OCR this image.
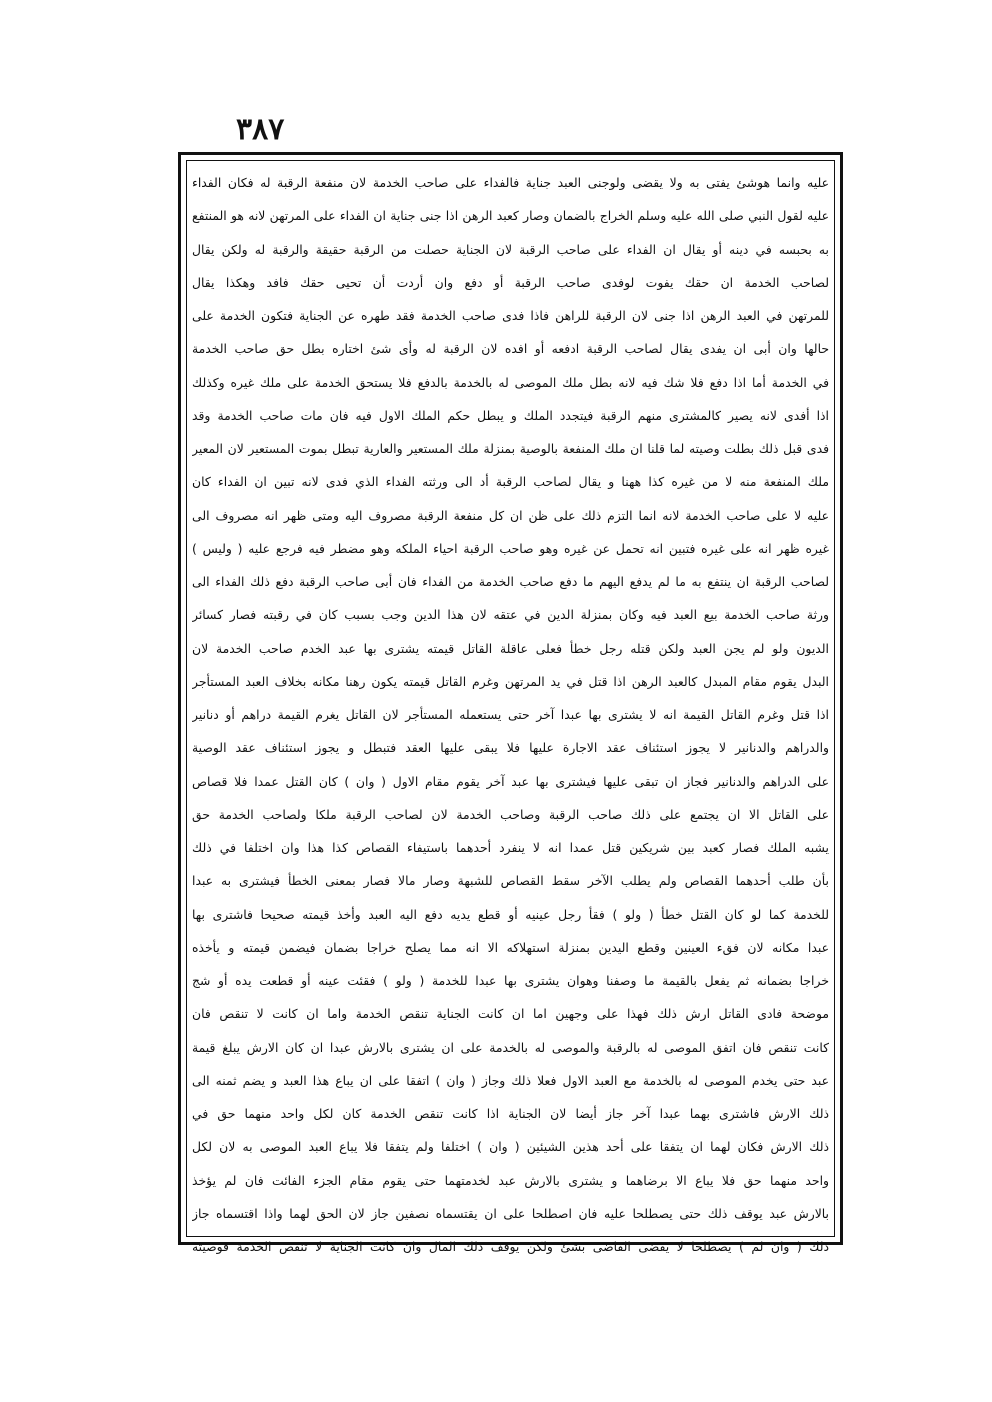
۳۸۷
عليه وانما هوشئ يفتى به ولا يقضى ولوجنى العبد جناية فالفداء على صاحب الخدمة لان منفعة الرقبة له فكان الفداء
عليه لقول النبي صلى الله عليه وسلم الخراج بالضمان وصار كعبد الرهن اذا جنى جناية ان الفداء على المرتهن لانه هو المنتفع
به بحبسه في دينه أو يقال ان الفداء على صاحب الرقبة لان الجناية حصلت من الرقبة حقيقة والرقبة له ولكن يقال
لصاحب الخدمة ان حقك يفوت لوفدى صاحب الرقبة أو دفع وان أردت أن تحيى حقك فافد وهكذا يقال
للمرتهن في العبد الرهن اذا جنى لان الرقبة للراهن فاذا فدى صاحب الخدمة فقد طهره عن الجناية فتكون الخدمة على
حالها وان أبى ان يفدى يقال لصاحب الرقبة ادفعه أو افده لان الرقبة له وأى شئ اختاره بطل حق صاحب الخدمة
في الخدمة أما اذا دفع فلا شك فيه لانه بطل ملك الموصى له بالخدمة بالدفع فلا يستحق الخدمة على ملك غيره وكذلك
اذا أفدى لانه يصير كالمشترى منهم الرقبة فيتجدد الملك و يبطل حكم الملك الاول فيه فان مات صاحب الخدمة وقد
فدى قبل ذلك بطلت وصيته لما قلنا ان ملك المنفعة بالوصية بمنزلة ملك المستعير والعارية تبطل بموت المستعير لان المعير
ملك المنفعة منه لا من غيره كذا ههنا و يقال لصاحب الرقبة أد الى ورثته الفداء الذي فدى لانه تبين ان الفداء كان
عليه لا على صاحب الخدمة لانه انما التزم ذلك على ظن ان كل منفعة الرقبة مصروف اليه ومتى ظهر انه مصروف الى
غيره ظهر انه على غيره فتبين انه تحمل عن غيره وهو صاحب الرقبة احياء الملكه وهو مضطر فيه فرجع عليه ( وليس )
لصاحب الرقبة ان ينتفع به ما لم يدفع اليهم ما دفع صاحب الخدمة من الفداء فان أبى صاحب الرقبة دفع ذلك الفداء الى
ورثة صاحب الخدمة بيع العبد فيه وكان بمنزلة الدين في عتقه لان هذا الدين وجب بسبب كان في رقبته فصار كسائر
الديون ولو لم يجن العبد ولكن قتله رجل خطأ فعلى عاقلة القاتل قيمته يشترى بها عبد الخدم صاحب الخدمة لان
البدل يقوم مقام المبدل كالعبد الرهن اذا قتل في يد المرتهن وغرم القاتل قيمته يكون رهنا مكانه بخلاف العبد المستأجر
اذا قتل وغرم القاتل القيمة انه لا يشترى بها عبدا آخر حتى يستعمله المستأجر لان القاتل يغرم القيمة دراهم أو دنانير
والدراهم والدنانير لا يجوز استئناف عقد الاجارة عليها فلا يبقى عليها العقد فتبطل و يجوز استئناف عقد الوصية
على الدراهم والدنانير فجاز ان تبقى عليها فيشترى بها عبد آخر يقوم مقام الاول ( وان ) كان القتل عمدا فلا قصاص
على القاتل الا ان يجتمع على ذلك صاحب الرقبة وصاحب الخدمة لان لصاحب الرقبة ملكا ولصاحب الخدمة حق
يشبه الملك فصار كعبد بين شريكين قتل عمدا انه لا ينفرد أحدهما باستيفاء القصاص كذا هذا وان اختلفا في ذلك
بأن طلب أحدهما القصاص ولم يطلب الآخر سقط القصاص للشبهة وصار مالا فصار بمعنى الخطأ فيشترى به عبدا
للخدمة كما لو كان القتل خطأ ( ولو ) فقأ رجل عينيه أو قطع يديه دفع اليه العبد وأخذ قيمته صحيحا فاشترى بها
عبدا مكانه لان فقء العينين وقطع اليدين بمنزلة استهلاكه الا انه مما يصلح خراجا بضمان فيضمن قيمته و يأخذه
خراجا بضمانه ثم يفعل بالقيمة ما وصفنا وهوان يشترى بها عبدا للخدمة ( ولو ) فقئت عينه أو قطعت يده أو شج
موضحة فادى القاتل ارش ذلك فهذا على وجهين اما ان كانت الجناية تنقص الخدمة واما ان كانت لا تنقص فان
كانت تنقص فان اتفق الموصى له بالرقبة والموصى له بالخدمة على ان يشترى بالارش عبدا ان كان الارش يبلغ قيمة
عبد حتى يخدم الموصى له بالخدمة مع العبد الاول فعلا ذلك وجاز ( وان ) اتفقا على ان يباع هذا العبد و يضم ثمنه الى
ذلك الارش فاشترى بهما عبدا آخر جاز أيضا لان الجناية اذا كانت تنقص الخدمة كان لكل واحد منهما حق في
ذلك الارش فكان لهما ان يتفقا على أحد هذين الشيئين ( وان ) اختلفا ولم يتفقا فلا يباع العبد الموصى به لان لكل
واحد منهما حق فلا يباع الا برضاهما و يشترى بالارش عبد لخدمتهما حتى يقوم مقام الجزء الفائت فان لم يؤخذ
بالارش عبد يوقف ذلك حتى يصطلحا عليه فان اصطلحا على ان يقتسماه نصفين جاز لان الحق لهما واذا اقتسماه جاز
ذلك ( وان لم ) يصطلحا لا يقضى القاضى بشئ ولكن يوقف ذلك المال وان كانت الجناية لا تنقص الخدمة فوصيته
